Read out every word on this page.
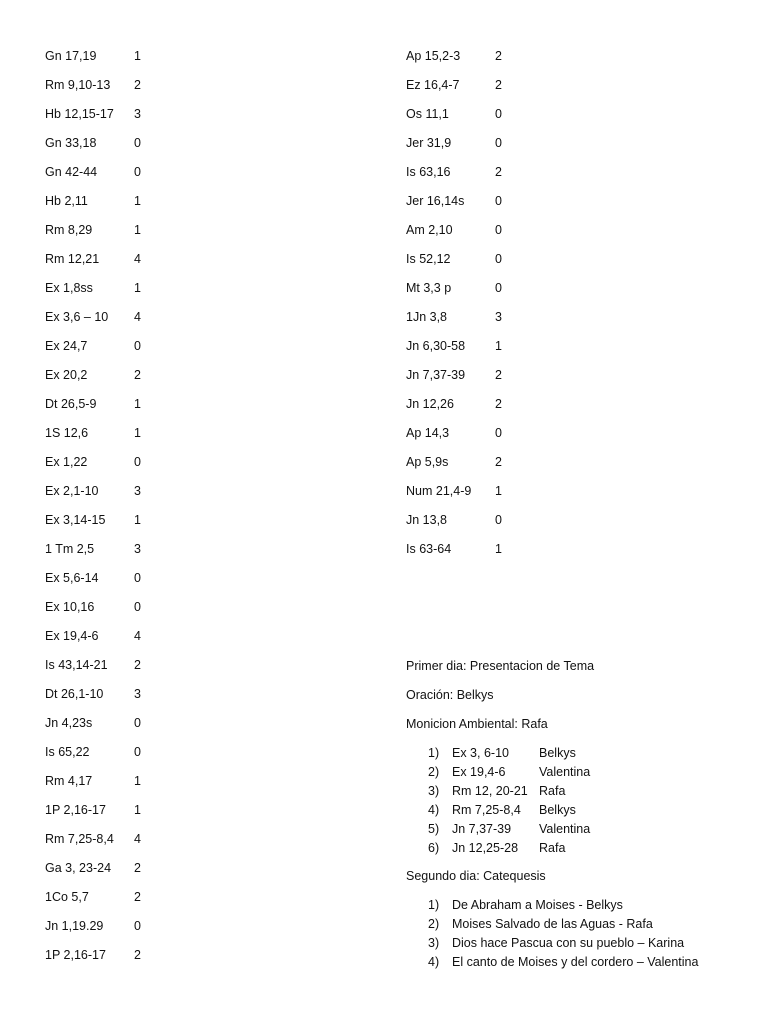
Gn 17,19	1
Rm 9,10-13 2
Hb 12,15-17 3
Gn 33,18	0
Gn 42-44	0
Hb 2,11	1
Rm 8,29	1
Rm 12,21	4
Ex 1,8ss	1
Ex 3,6 – 10 4
Ex 24,7	0
Ex 20,2	2
Dt 26,5-9	1
1S 12,6	1
Ex 1,22	0
Ex 2,1-10	3
Ex 3,14-15 1
1 Tm 2,5	3
Ex 5,6-14	0
Ex 10,16	0
Ex 19,4-6	4
Is 43,14-21 2
Dt 26,1-10 3
Jn 4,23s	0
Is 65,22	0
Rm 4,17	1
1P 2,16-17 1
Rm 7,25-8,4 4
Ga 3, 23-24 2
1Co 5,7	2
Jn 1,19.29 0
1P 2,16-17 2
Ap 15,2-3	2
Ez 16,4-7	2
Os 11,1	0
Jer 31,9	0
Is 63,16	2
Jer 16,14s 0
Am 2,10	0
Is 52,12	0
Mt 3,3 p	0
1Jn 3,8	3
Jn 6,30-58 1
Jn 7,37-39 2
Jn 12,26	2
Ap 14,3	0
Ap 5,9s	2
Num 21,4-9 1
Jn 13,8	0
Is 63-64	1
Primer dia: Presentacion de Tema
Oración: Belkys
Monicion Ambiental: Rafa
1) Ex 3, 6-10 Belkys
2) Ex 19,4-6	Valentina
3) Rm 12, 20-21 Rafa
4) Rm 7,25-8,4 Belkys
5) Jn 7,37-39 Valentina
6) Jn 12,25-28 Rafa
Segundo dia: Catequesis
1) De Abraham a Moises - Belkys
2) Moises Salvado de las Aguas - Rafa
3) Dios hace Pascua con su pueblo – Karina
4) El canto de Moises y del cordero – Valentina
